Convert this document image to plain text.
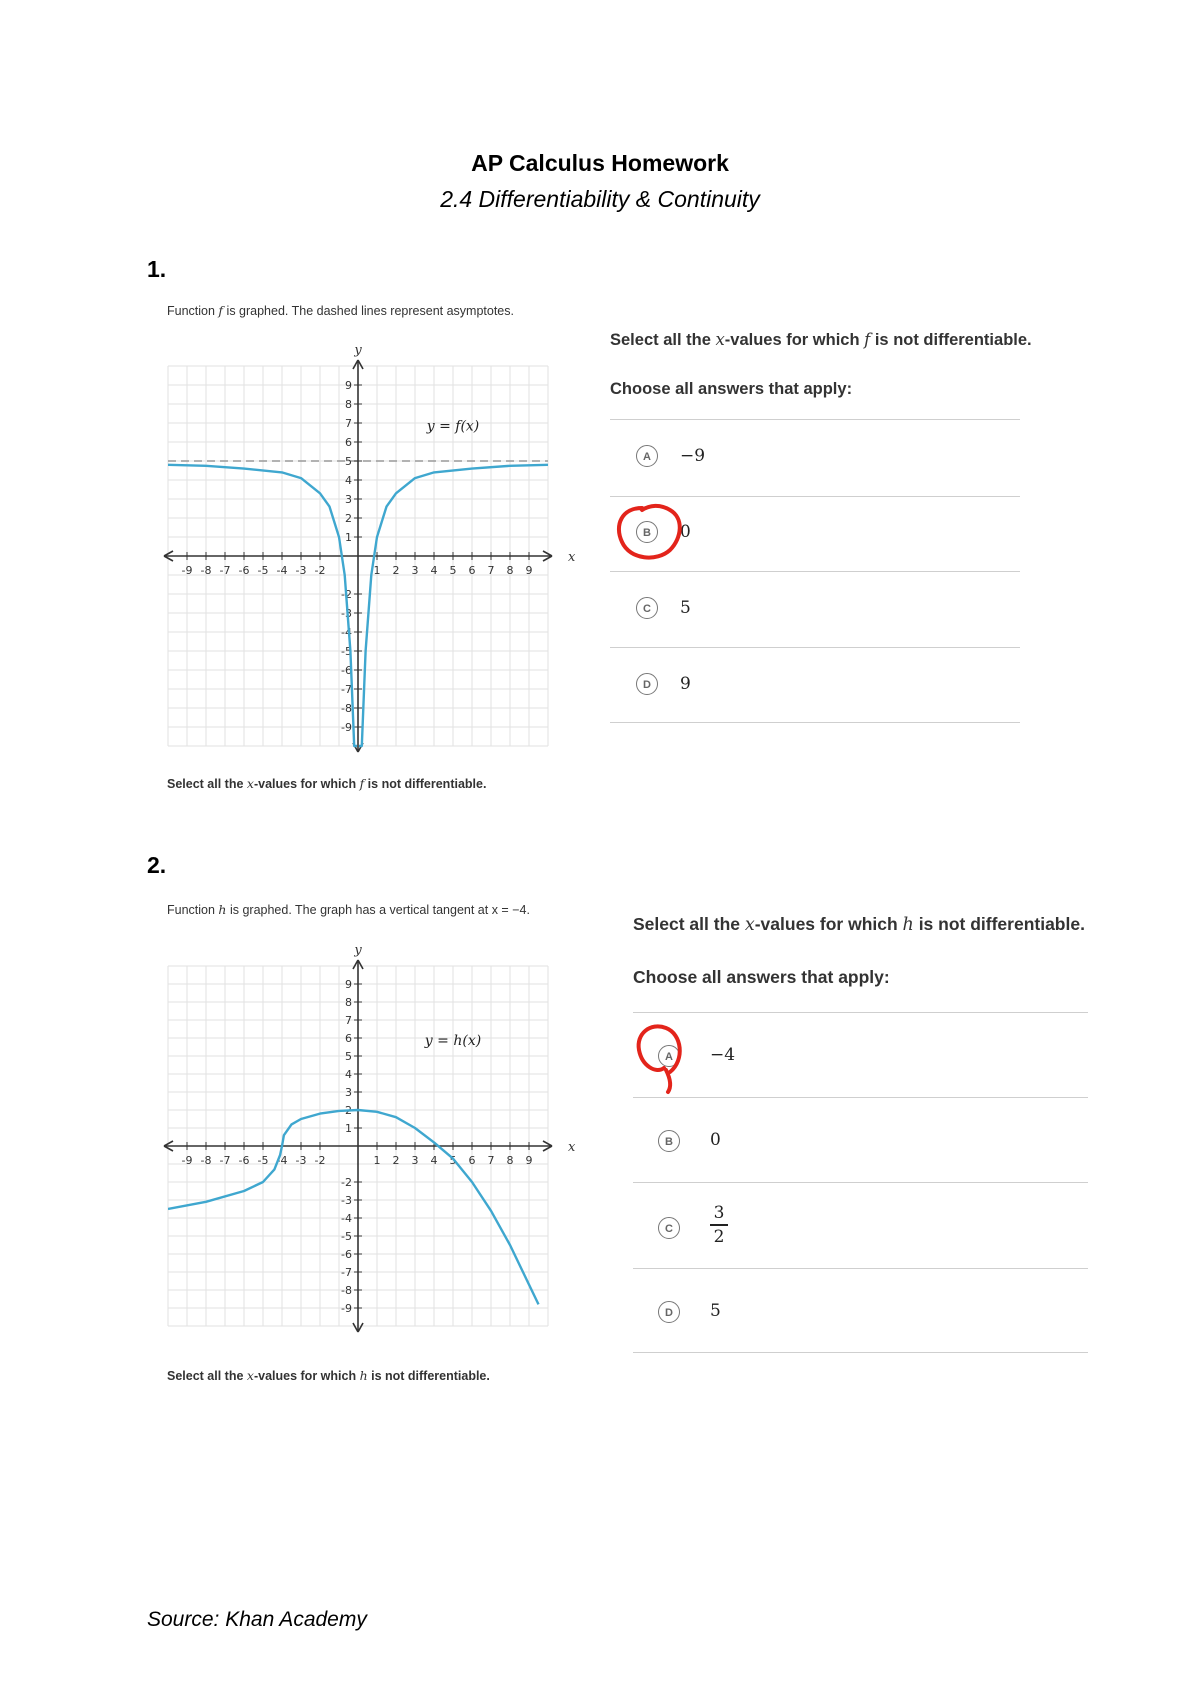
AP Calculus Homework
2.4 Differentiability & Continuity
1.
Function f is graphed. The dashed lines represent asymptotes.
-9 -8 -7 -6 -5 -4 -3 -2	1 2 3 4 5 6 7 8 9
9
8
7
6
5
4
3
2
1
-2
-3
-4
-5
-6
-7
-8
-9
x
y
y = f(x)
Select all the x-values for which f is not differentiable.
Select all the x-values for which f is not differentiable.
Choose all answers that apply:
A	−9
B	0
C	5
D	9
2.
Function h is graphed. The graph has a vertical tangent at x = −4.
-9 -8 -7 -6 -5 -4 -3 -2	1 2 3 4 5 6 7 8 9
9
8
7
6
5
4
3
2
1
-2
-3
-4
-5
-6
-7
-8
-9
x
y
y = h(x)
Select all the x-values for which h is not differentiable.
Select all the x-values for which h is not differentiable.
Choose all answers that apply:
A	−4
B	0
C
3
2
D	5
Source: Khan Academy
